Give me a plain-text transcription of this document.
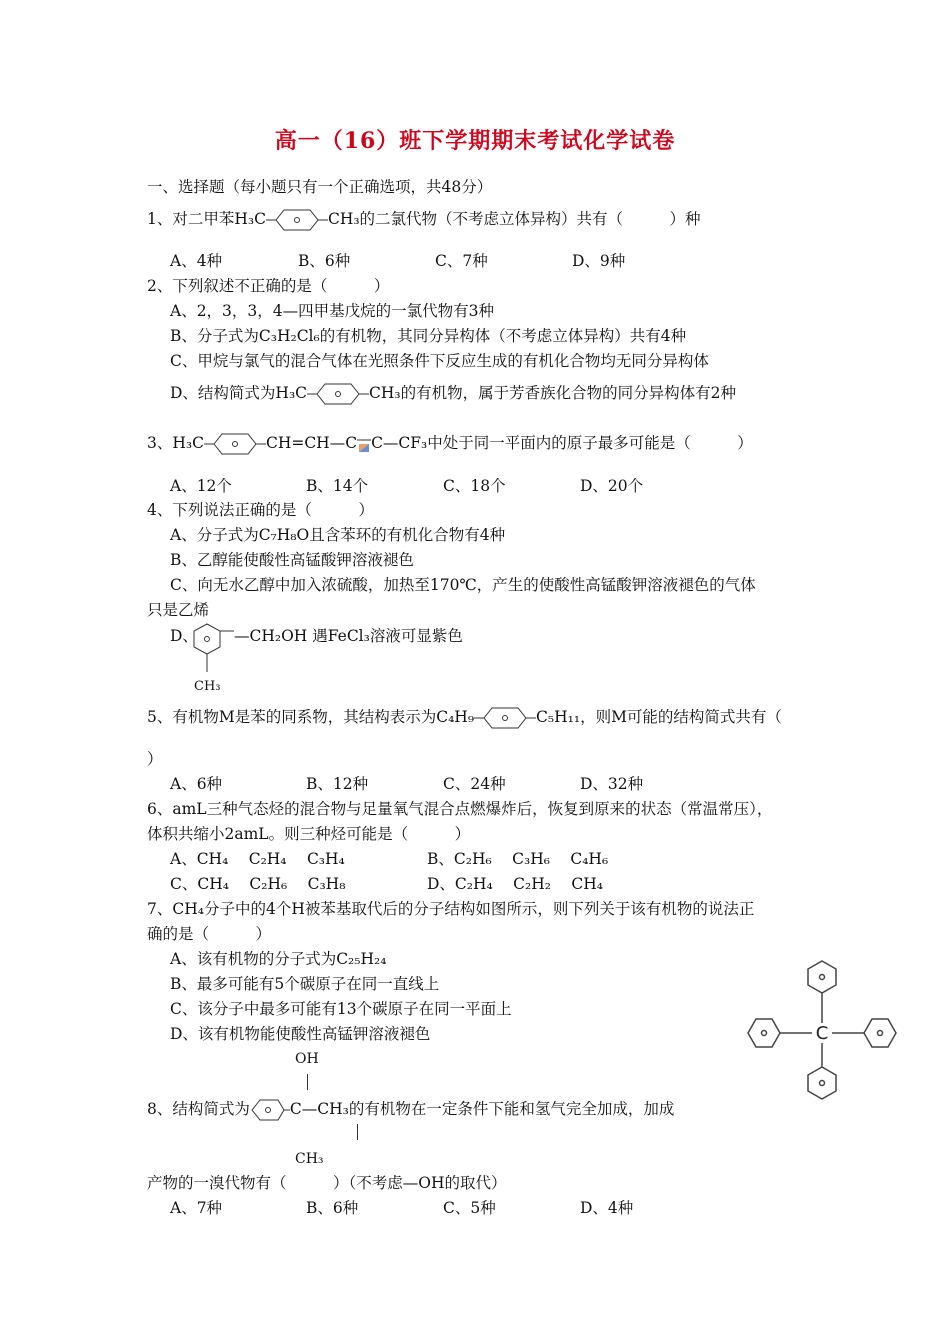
高一（16）班下学期期末考试化学试卷
一、选择题（每小题只有一个正确选项，共48分）
1、对二甲苯H₃C	CH₃的二氯代物（不考虑立体异构）共有（　　　）种
A、4种	B、6种	C、7种	D、9种
2、下列叙述不正确的是（　　　）
A、2，3，3，4—四甲基戊烷的一氯代物有3种
B、分子式为C₃H₂Cl₆的有机物，其同分异构体（不考虑立体异构）共有4种
C、甲烷与氯气的混合气体在光照条件下反应生成的有机化合物均无同分异构体
D、结构简式为H₃C	CH₃的有机物，属于芳香族化合物的同分异构体有2种
3、H₃C	CH=CH—C C—CF₃中处于同一平面内的原子最多可能是（　　　）
A、12个	B、14个	C、18个	D、20个
4、下列说法正确的是（　　　）
A、分子式为C₇H₈O且含苯环的有机化合物有4种
B、乙醇能使酸性高锰酸钾溶液褪色
C、向无水乙醇中加入浓硫酸，加热至170℃，产生的使酸性高锰酸钾溶液褪色的气体
只是乙烯
D、 —CH₂OH 遇FeCl₃溶液可显紫色
CH₃
5、有机物M是苯的同系物，其结构表示为C₄H₉	C₅H₁₁，则M可能的结构简式共有（
）
A、6种	B、12种	C、24种	D、32种
6、amL三种气态烃的混合物与足量氧气混合点燃爆炸后，恢复到原来的状态（常温常压），
体积共缩小2amL。则三种烃可能是（　　　）
A、CH₄　 C₂H₄　 C₃H₄	B、C₂H₆　 C₃H₆　 C₄H₆
C、CH₄　 C₂H₆　 C₃H₈	D、C₂H₄　 C₂H₂　 CH₄
7、CH₄分子中的4个H被苯基取代后的分子结构如图所示，则下列关于该有机物的说法正
确的是（　　　）
A、该有机物的分子式为C₂₅H₂₄
B、最多可能有5个碳原子在同一直线上
C、该分子中最多可能有13个碳原子在同一平面上
D、该有机物能使酸性高锰钾溶液褪色	C
OH
8、结构简式为	C—CH₃的有机物在一定条件下能和氢气完全加成，加成
CH₃
产物的一溴代物有（　　　）（不考虑—OH的取代）
A、7种	B、6种	C、5种	D、4种
